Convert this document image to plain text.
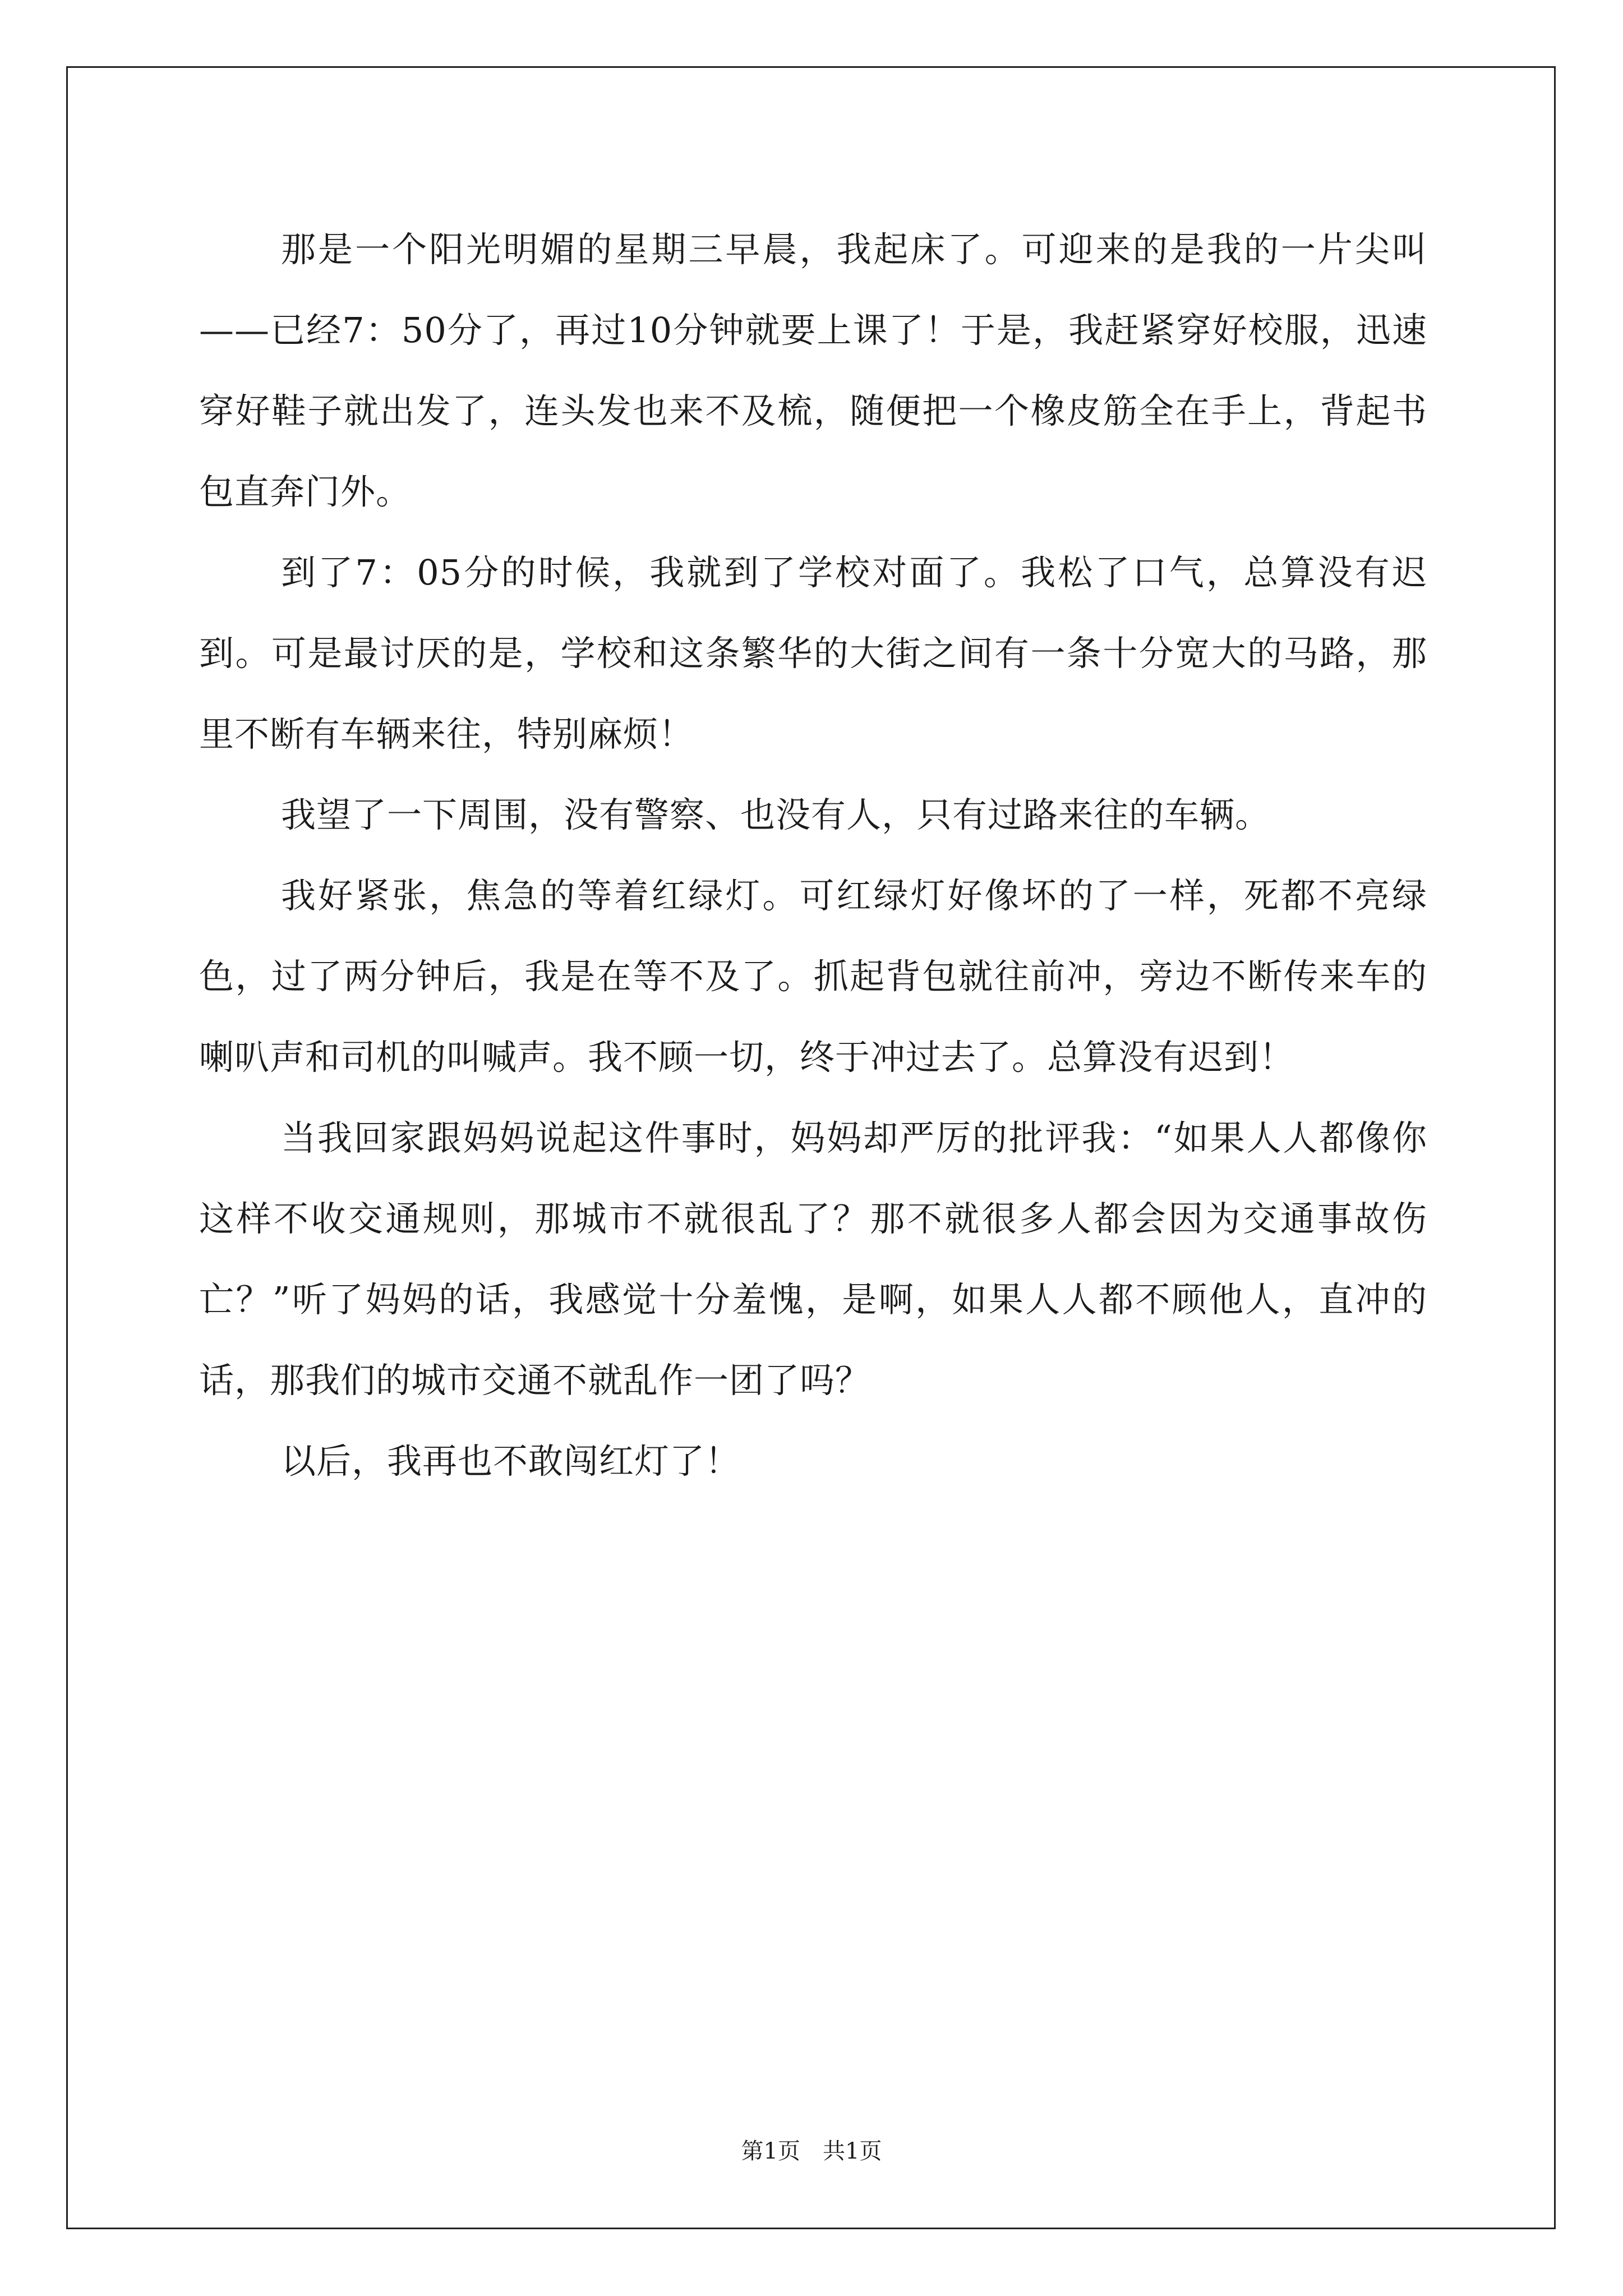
那是一个阳光明媚的星期三早晨，我起床了。可迎来的是我的一片尖叫——已经7：50分了，再过10分钟就要上课了！于是，我赶紧穿好校服，迅速穿好鞋子就出发了，连头发也来不及梳，随便把一个橡皮筋全在手上，背起书包直奔门外。

到了7：05分的时候，我就到了学校对面了。我松了口气，总算没有迟到。可是最讨厌的是，学校和这条繁华的大街之间有一条十分宽大的马路，那里不断有车辆来往，特别麻烦！

我望了一下周围，没有警察、也没有人，只有过路来往的车辆。

我好紧张，焦急的等着红绿灯。可红绿灯好像坏的了一样，死都不亮绿色，过了两分钟后，我是在等不及了。抓起背包就往前冲，旁边不断传来车的喇叭声和司机的叫喊声。我不顾一切，终于冲过去了。总算没有迟到！

当我回家跟妈妈说起这件事时，妈妈却严厉的批评我：“如果人人都像你这样不收交通规则，那城市不就很乱了？那不就很多人都会因为交通事故伤亡？”听了妈妈的话，我感觉十分羞愧，是啊，如果人人都不顾他人，直冲的话，那我们的城市交通不就乱作一团了吗？

以后，我再也不敢闯红灯了！

第1页　共1页
